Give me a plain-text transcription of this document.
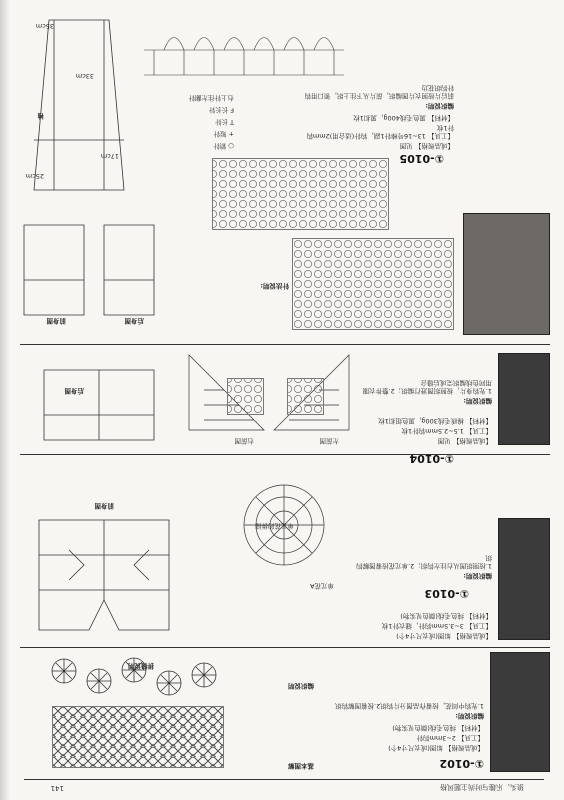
狼头、乐趣与时尚主题风格
141
①-0102
【成品规格】 如图(成衣尺寸4个)
【工具】 2~3mm钩针
【材料】 纯色毛线(颜色见实物)
编织说明:
1.先钩中间花，按着作品图分片钩织2.按着图解钩织
基本图解
编织说明
拼缝说明
①-0103
【成品规格】 如图(成衣尺寸4个)
【工具】 3~3.5mm钩针，缝衣针1枚
【材料】 纯色毛线(颜色见实物)
编织说明:
1.按照织图从右往左钩织；2.单元花按着图解钩织
单元花A
单元花的拼接
前身图
①-0104
【成品规格】 见图
【工具】 1.5~2.5mm钩针1枚
【材料】 棉质毛线300g，黑色纽扣1枚
编织说明:
1.先钩身片，按照织图进行编织；2.整件衣服用同色线编织完成后缝合
后身图
左前图
右前图
①-0105
【成品规格】 见图
【工具】 13~16号棒针1副，钩针(适合用)2mm钩针1枚
【材料】 黑色毛线400g，黑扣1枚
编织说明:
前后片按照衣片图编织，前片从下往上织，领口用钩针钩织花边
针法说明:
前身图	后身图
袖
35cm
17cm
33cm
25cm
○ 锁针
+ 短针
T 长针
F 长长针
右上针往左翻针
